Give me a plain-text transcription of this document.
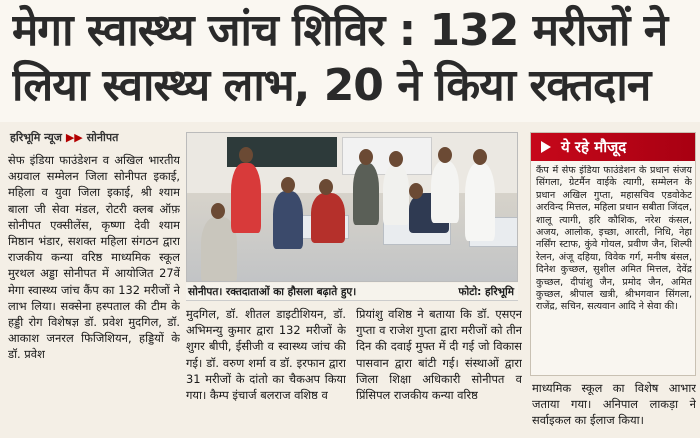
मेगा स्वास्थ्य जांच शिविर : 132 मरीजों ने
लिया स्वास्थ्य लाभ, 20 ने किया रक्तदान
हरिभूमि न्यूज ▶▶ सोनीपत
सेफ इंडिया फाउंडेशन व अखिल भारतीय अग्रवाल सम्मेलन जिला सोनीपत इकाई, महिला व युवा जिला इकाई, श्री श्याम बाला जी सेवा मंडल, रोटरी क्लब ऑफ़ सोनीपत एक्सीलेंस, कृष्णा देवी श्याम मिष्ठान भंडार, सशक्त महिला संगठन द्वारा राजकीय कन्या वरिष्ठ माध्यमिक स्कूल मुरथल अड्डा सोनीपत में आयोजित 27वें मेगा स्वास्थ्य जांच कैंप का 132 मरीजों ने लाभ लिया। सक्सेना हस्पताल की टीम के हड्डी रोग विशेषज्ञ डॉ. प्रवेश मुदगिल, डॉ. आकाश जनरल फिजिशियन, हड्डियों के डॉ. प्रवेश
सोनीपत। रक्तदाताओं का हौसला बढ़ाते हुए।	फोटो: हरिभूमि
मुदगिल, डॉ. शीतल डाइटीशियन, डॉ. अभिमन्यु कुमार द्वारा 132 मरीजों के शुगर बीपी, ईसीजी व स्वास्थ्य जांच की गई। डॉ. वरुण शर्मा व डॉ. इरफान द्वारा 31 मरीजों के दांतो का चैकअप किया गया। कैम्प इंचार्ज बलराज वशिष्ठ व
प्रियांशु वशिष्ठ ने बताया कि डॉ. एसएन गुप्ता व राजेश गुप्ता द्वारा मरीजों को तीन दिन की दवाई मुफ्त में दी गई जो विकास पासवान द्वारा बांटी गई। संस्थाओं द्वारा जिला शिक्षा अधिकारी सोनीपत व प्रिंसिपल राजकीय कन्या वरिष्ठ
ये रहे मौजूद
कैंप में सेफ इंडिया फाउंडेशन के प्रधान संजय सिंगला, ग्रेटर्मैन वाईके त्यागी, सम्मेलन के प्रधान अखिल गुप्ता, महासचिव एडवोकेट अरविन्द मित्तल, महिला प्रधान सबीता जिंदल, शालू त्यागी, हरि कौशिक, नरेश कंसल, अजय, आलोक, इच्छा, आरती, निधि, नेहा नर्सिंग स्टाफ, कुंवे गोयल, प्रवीण जैन, शिल्पी रेलन, अंजू दहिया, विवेक गर्ग, मनीष बंसल, दिनेश कुच्छल, सुशील अमित मित्तल, देवेंद्र कुच्छल, दीपांशु जैन, प्रमोद जैन, अमित कुच्छल, श्रीपाल खत्री, श्रीभगवान सिंगला, राजेंद्र, सचिन, सत्यवान आदि ने सेवा की।
माध्यमिक स्कूल का विशेष आभार जताया गया। अनिपाल लाकड़ा ने सर्वाइकल का ईलाज किया।
